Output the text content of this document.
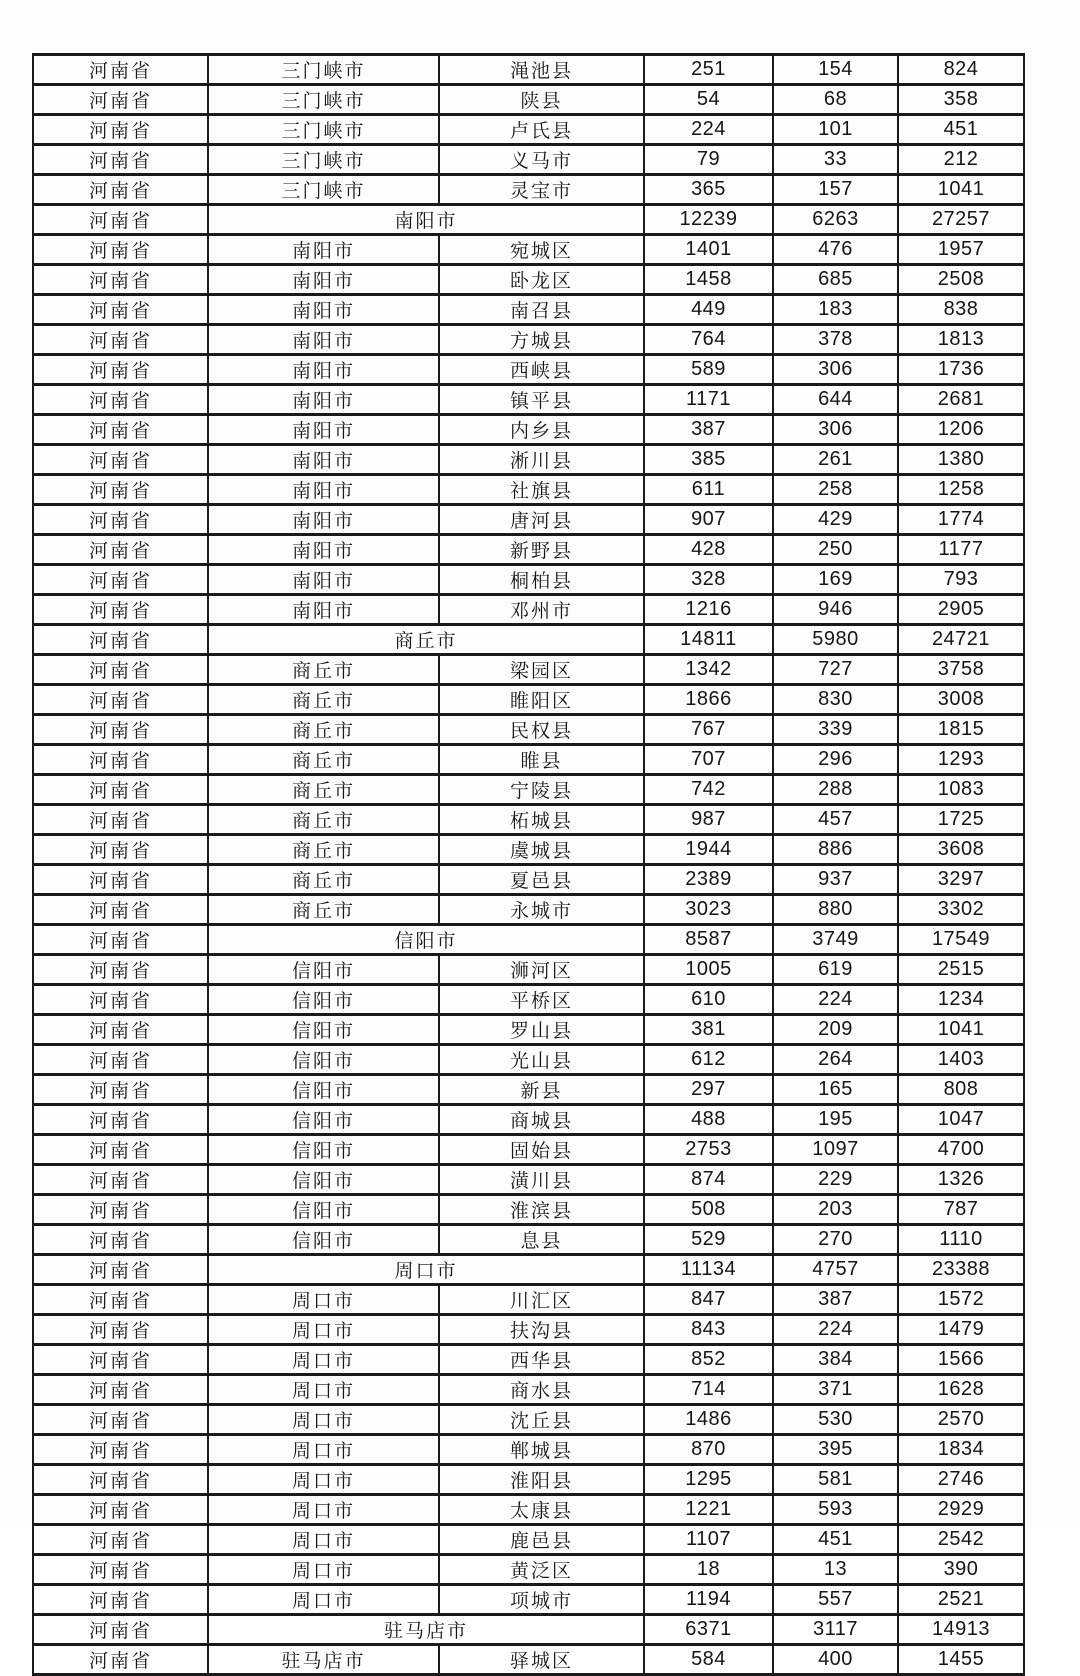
河南省	三门峡市	渑池县	251	154	824
河南省	三门峡市	陕县	54	68	358
河南省	三门峡市	卢氏县	224	101	451
河南省	三门峡市	义马市	79	33	212
河南省	三门峡市	灵宝市	365	157	1041
河南省	南阳市		12239	6263	27257
河南省	南阳市	宛城区	1401	476	1957
河南省	南阳市	卧龙区	1458	685	2508
河南省	南阳市	南召县	449	183	838
河南省	南阳市	方城县	764	378	1813
河南省	南阳市	西峡县	589	306	1736
河南省	南阳市	镇平县	1171	644	2681
河南省	南阳市	内乡县	387	306	1206
河南省	南阳市	淅川县	385	261	1380
河南省	南阳市	社旗县	611	258	1258
河南省	南阳市	唐河县	907	429	1774
河南省	南阳市	新野县	428	250	1177
河南省	南阳市	桐柏县	328	169	793
河南省	南阳市	邓州市	1216	946	2905
河南省	商丘市		14811	5980	24721
河南省	商丘市	梁园区	1342	727	3758
河南省	商丘市	睢阳区	1866	830	3008
河南省	商丘市	民权县	767	339	1815
河南省	商丘市	睢县	707	296	1293
河南省	商丘市	宁陵县	742	288	1083
河南省	商丘市	柘城县	987	457	1725
河南省	商丘市	虞城县	1944	886	3608
河南省	商丘市	夏邑县	2389	937	3297
河南省	商丘市	永城市	3023	880	3302
河南省	信阳市		8587	3749	17549
河南省	信阳市	浉河区	1005	619	2515
河南省	信阳市	平桥区	610	224	1234
河南省	信阳市	罗山县	381	209	1041
河南省	信阳市	光山县	612	264	1403
河南省	信阳市	新县	297	165	808
河南省	信阳市	商城县	488	195	1047
河南省	信阳市	固始县	2753	1097	4700
河南省	信阳市	潢川县	874	229	1326
河南省	信阳市	淮滨县	508	203	787
河南省	信阳市	息县	529	270	1110
河南省	周口市		11134	4757	23388
河南省	周口市	川汇区	847	387	1572
河南省	周口市	扶沟县	843	224	1479
河南省	周口市	西华县	852	384	1566
河南省	周口市	商水县	714	371	1628
河南省	周口市	沈丘县	1486	530	2570
河南省	周口市	郸城县	870	395	1834
河南省	周口市	淮阳县	1295	581	2746
河南省	周口市	太康县	1221	593	2929
河南省	周口市	鹿邑县	1107	451	2542
河南省	周口市	黄泛区	18	13	390
河南省	周口市	项城市	1194	557	2521
河南省	驻马店市		6371	3117	14913
河南省	驻马店市	驿城区	584	400	1455
